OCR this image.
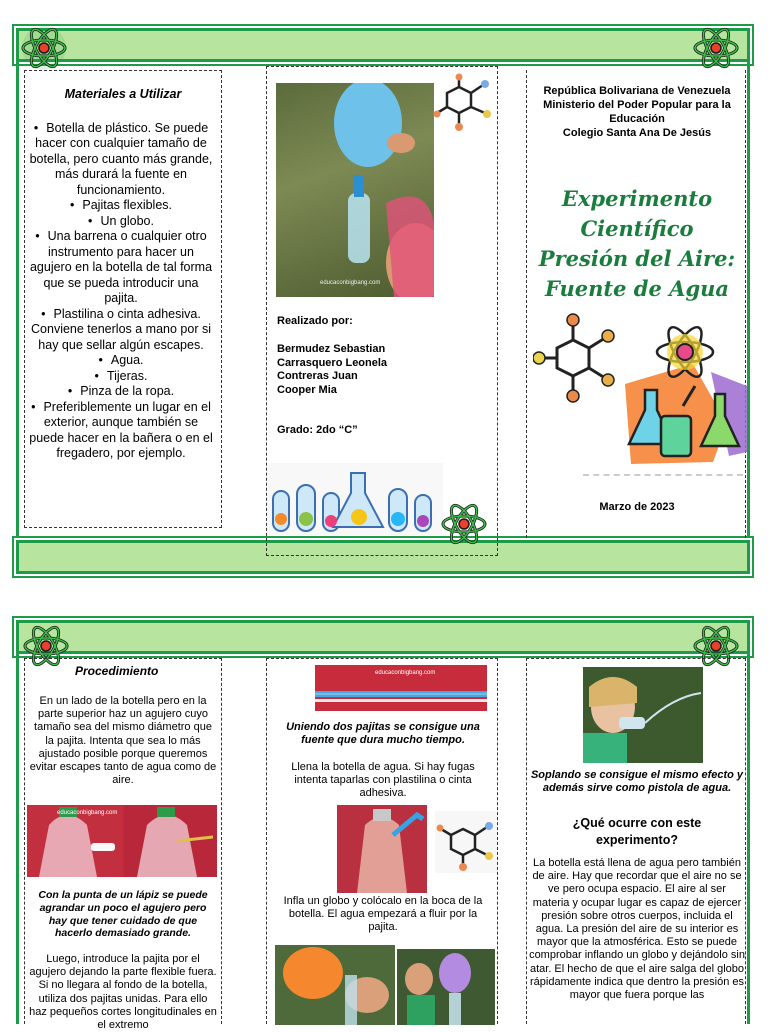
Materiales a Utilizar
• Botella de plástico. Se puede hacer con cualquier tamaño de botella, pero cuanto más grande, más durará la fuente en funcionamiento.
• Pajitas flexibles.
• Un globo.
• Una barrena o cualquier otro instrumento para hacer un agujero en la botella de tal forma que se pueda introducir una pajita.
• Plastilina o cinta adhesiva. Conviene tenerlos a mano por si hay que sellar algún escapes.
• Agua.
• Tijeras.
• Pinza de la ropa.
• Preferiblemente un lugar en el exterior, aunque también se puede hacer en la bañera o en el fregadero, por ejemplo.
educaconbigbang.com
Realizado por:
Bermudez Sebastian
Carrasquero Leonela
Contreras Juan
Cooper Mia
Grado: 2do “C”
República Bolivariana de Venezuela
Ministerio del Poder Popular para la Educación
Colegio Santa Ana De Jesús
Experimento
Científico
Presión del Aire:
Fuente de Agua
Marzo de 2023
Procedimiento
En un lado de la botella pero en la parte superior haz un agujero cuyo tamaño sea del mismo diámetro que la pajita. Intenta que sea lo más ajustado posible porque queremos evitar escapes tanto de agua como de aire.
educaconbigbang.com
Con la punta de un lápiz se puede agrandar un poco el agujero pero hay que tener cuidado de que hacerlo demasiado grande.
Luego, introduce la pajita por el agujero dejando la parte flexible fuera. Si no llegara al fondo de la botella, utiliza dos pajitas unidas. Para ello haz pequeños cortes longitudinales en el extremo
educaconbigbang.com
Uniendo dos pajitas se consigue una fuente que dura mucho tiempo.
Llena la botella de agua. Si hay fugas intenta taparlas con plastilina o cinta adhesiva.
Infla un globo y colócalo en la boca de la botella. El agua empezará a fluir por la pajita.
Soplando se consigue el mismo efecto y además sirve como pistola de agua.
¿Qué ocurre con este experimento?
La botella está llena de agua pero también de aire. Hay que recordar que el aire no se ve pero ocupa espacio. El aire al ser materia y ocupar lugar es capaz de ejercer presión sobre otros cuerpos, incluida el agua. La presión del aire de su interior es mayor que la atmosférica. Esto se puede comprobar inflando un globo y dejándolo sin atar. El hecho de que el aire salga del globo rápidamente indica que dentro la presión es mayor que fuera porque las
